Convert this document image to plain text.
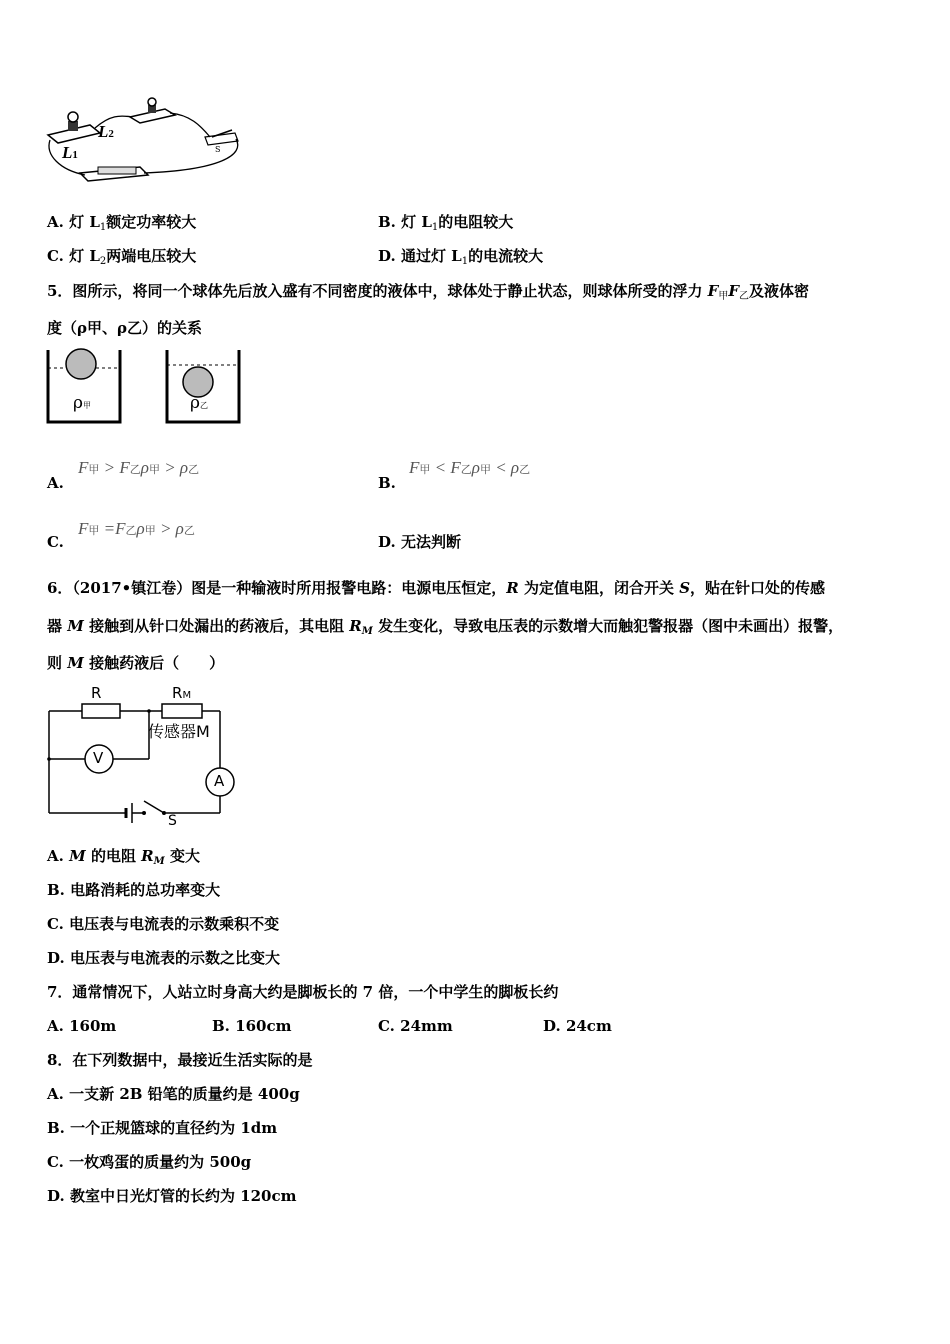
L2
L1	S
A. 灯 $L_1$额定功率较大	B. 灯 $L_1$的电阻较大
C. 灯 $L_2$两端电压较大	D. 通过灯 $L_1$的电流较大
5．图所示，将同一个球体先后放入盛有不同密度的液体中，球体处于静止状态，则球体所受的浮力 $F_甲F_乙$及液体密
度（ρ甲、ρ乙）的关系
ρ甲	ρ乙
A.
F甲 > F乙ρ甲 > ρ乙
B.
F甲 < F乙ρ甲 < ρ乙
C.
F甲 =F乙ρ甲 > ρ乙
D. 无法判断
6．（2017•镇江卷）图是一种输液时所用报警电路：电源电压恒定，R 为定值电阻，闭合开关 S，贴在针口处的传感
器 M 接触到从针口处漏出的药液后，其电阻 $R_M$ 发生变化，导致电压表的示数增大而触犯警报器（图中未画出）报警，
则 M 接触药液后（　　）
R	RM
传感器M
V
A
S
A. M 的电阻 $R_M$ 变大
B. 电路消耗的总功率变大
C. 电压表与电流表的示数乘积不变
D. 电压表与电流表的示数之比变大
7．通常情况下，人站立时身高大约是脚板长的 7 倍，一个中学生的脚板长约
A. 160m	B. 160cm	C. 24mm	D. 24cm
8．在下列数据中，最接近生活实际的是
A. 一支新 2B 铅笔的质量约是 400g
B. 一个正规篮球的直径约为 1dm
C. 一枚鸡蛋的质量约为 500g
D. 教室中日光灯管的长约为 120cm
